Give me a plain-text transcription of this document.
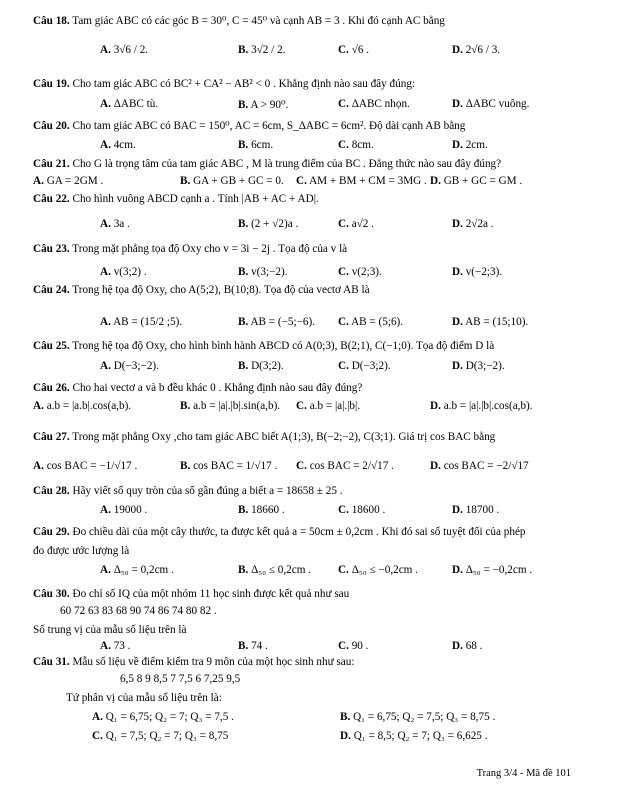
Câu 18. Tam giác ABC có các góc B = 30⁰, C = 45⁰ và cạnh AB = 3 . Khi đó cạnh AC bằng
A. 3√6 / 2.	B. 3√2 / 2.	C. √6 .	D. 2√6 / 3.
Câu 19. Cho tam giác ABC có BC² + CA² − AB² < 0 . Khẳng định nào sau đây đúng:
A. ΔABC tù.	B. A > 90⁰.	C. ΔABC nhọn.	D. ΔABC vuông.
Câu 20. Cho tam giác ABC có BAC = 150⁰, AC = 6cm, S_ΔABC = 6cm². Độ dài cạnh AB bằng
A. 4cm.	B. 6cm.	C. 8cm.	D. 2cm.
Câu 21. Cho G là trọng tâm của tam giác ABC , M là trung điểm của BC . Đẳng thức nào sau đây đúng?
A. GA = 2GM .	B. GA + GB + GC = 0. C. AM + BM + CM = 3MG . D. GB + GC = GM .
Câu 22. Cho hình vuông ABCD cạnh a . Tính |AB + AC + AD|.
A. 3a .	B. (2 + √2)a .	C. a√2 .	D. 2√2a .
Câu 23. Trong mặt phẳng tọa độ Oxy cho v = 3i − 2j . Tọa độ của v là
A. v(3;2) .	B. v(3;−2).	C. v(2;3).	D. v(−2;3).
Câu 24. Trong hệ tọa độ Oxy, cho A(5;2), B(10;8). Tọa độ của vectơ AB là
A. AB = (15/2 ;5).	B. AB = (−5;−6). C. AB = (5;6).	D. AB = (15;10).
Câu 25. Trong hệ tọa độ Oxy, cho hình bình hành ABCD có A(0;3), B(2;1), C(−1;0). Tọa độ điểm D là
A. D(−3;−2).	B. D(3;2).	C. D(−3;2).	D. D(3;−2).
Câu 26. Cho hai vectơ a và b đều khác 0 . Khẳng định nào sau đây đúng?
A. a.b = |a.b|.cos(a,b).	B. a.b = |a|.|b|.sin(a,b). C. a.b = |a|.|b|.	D. a.b = |a|.|b|.cos(a,b).
Câu 27. Trong mặt phẳng Oxy ,cho tam giác ABC biết A(1;3), B(−2;−2), C(3;1). Giá trị cos BAC bằng
A. cos BAC = −1/√17 .	B. cos BAC = 1/√17 . C. cos BAC = 2/√17 .	D. cos BAC = −2/√17
Câu 28. Hãy viết số quy tròn của số gần đúng a biết a = 18658 ± 25 .
A. 19000 .	B. 18660 .	C. 18600 .	D. 18700 .
Câu 29. Đo chiều dài của một cây thước, ta được kết quả a = 50cm ± 0,2cm . Khi đó sai số tuyệt đối của phép
đo được ước lượng là
A. Δ₅₀ = 0,2cm .	B. Δ₅₀ ≤ 0,2cm . C. Δ₅₀ ≤ −0,2cm .	D. Δ₅₀ = −0,2cm .
Câu 30. Đo chỉ số IQ của một nhóm 11 học sinh được kết quả như sau
60 72 63 83 68 90 74 86 74 80 82 .
Số trung vị của mẫu số liệu trên là
A. 73 .	B. 74 .	C. 90 .	D. 68 .
Câu 31. Mẫu số liệu về điểm kiểm tra 9 môn của một học sinh như sau:
6,5 8 9 8,5 7 7,5 6 7,25 9,5
Tứ phân vị của mẫu số liệu trên là:
A. Q₁ = 6,75; Q₂ = 7; Q₃ = 7,5 .	B. Q₁ = 6,75; Q₂ = 7,5; Q₃ = 8,75 .
C. Q₁ = 7,5; Q₂ = 7; Q₃ = 8,75	D. Q₁ = 8,5; Q₂ = 7; Q₃ = 6,625 .
Trang 3/4 - Mã đề 101
